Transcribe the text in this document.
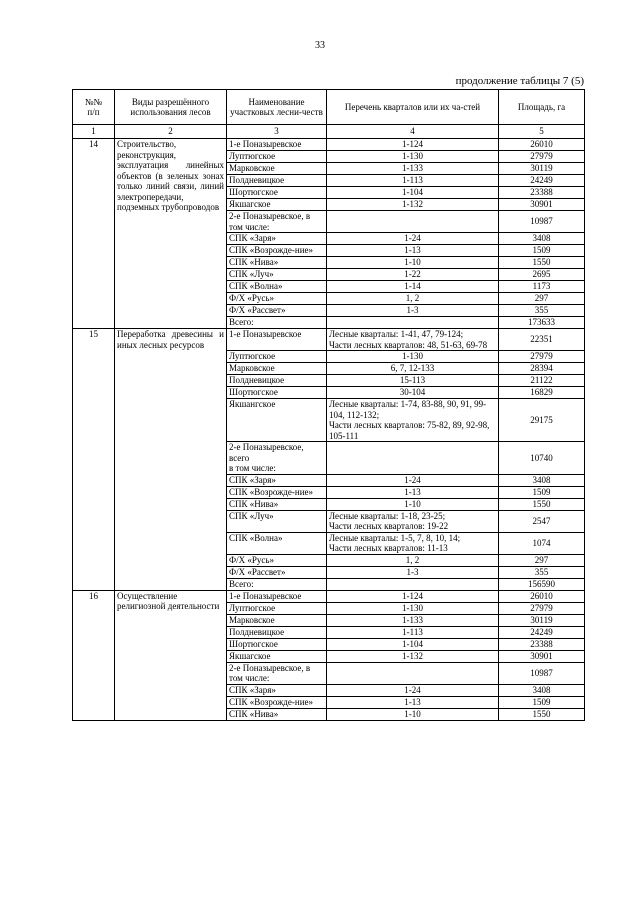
33
продолжение таблицы 7 (5)
№№
п/п	Виды разрешённого использования лесов	Наименование участковых лесни-честв	Перечень кварталов или их ча-стей	Площадь, га
1	2	3	4	5
14	Строительство, реконструкция, эксплуатация линейных объектов (в зеленых зонах только линий связи, линий электропередачи, подземных трубопроводов	1-е Поназыревское	1-124	26010
		Луптюгское	1-130	27979
		Марковское	1-133	30119
		Полдневицкое	1-113	24249
		Шортюгское	1-104	23388
		Якшагское	1-132	30901
		2-е Поназыревское, в том числе:		10987
		СПК «Заря»	1-24	3408
		СПК «Возрожде-ние»	1-13	1509
		СПК «Нива»	1-10	1550
		СПК «Луч»	1-22	2695
		СПК «Волна»	1-14	1173
		Ф/Х «Русь»	1, 2	297
		Ф/Х «Рассвет»	1-3	355
		Всего:		173633
15	Переработка древесины и иных лесных ресурсов	1-е Поназыревское	Лесные кварталы: 1-41, 47, 79-124;
Части лесных кварталов: 48, 51-63, 69-78	22351
		Луптюгское	1-130	27979
		Марковское	6, 7, 12-133	28394
		Полдневицкое	15-113	21122
		Шортюгское	30-104	16829
		Якшангское	Лесные кварталы: 1-74, 83-88, 90, 91, 99-104, 112-132;
Части лесных кварталов: 75-82, 89, 92-98, 105-111	29175
		2-е Поназыревское, всего
в том числе:		10740
		СПК «Заря»	1-24	3408
		СПК «Возрожде-ние»	1-13	1509
		СПК «Нива»	1-10	1550
		СПК «Луч»	Лесные кварталы: 1-18, 23-25;
Части лесных кварталов: 19-22	2547
		СПК «Волна»	Лесные кварталы: 1-5, 7, 8, 10, 14;
Части лесных кварталов: 11-13	1074
		Ф/Х «Русь»	1, 2	297
		Ф/Х «Рассвет»	1-3	355
		Всего:		156590
16	Осуществление религиозной деятельности	1-е Поназыревское	1-124	26010
		Луптюгское	1-130	27979
		Марковское	1-133	30119
		Полдневицкое	1-113	24249
		Шортюгское	1-104	23388
		Якшагское	1-132	30901
		2-е Поназыревское, в том числе:		10987
		СПК «Заря»	1-24	3408
		СПК «Возрожде-ние»	1-13	1509
		СПК «Нива»	1-10	1550
